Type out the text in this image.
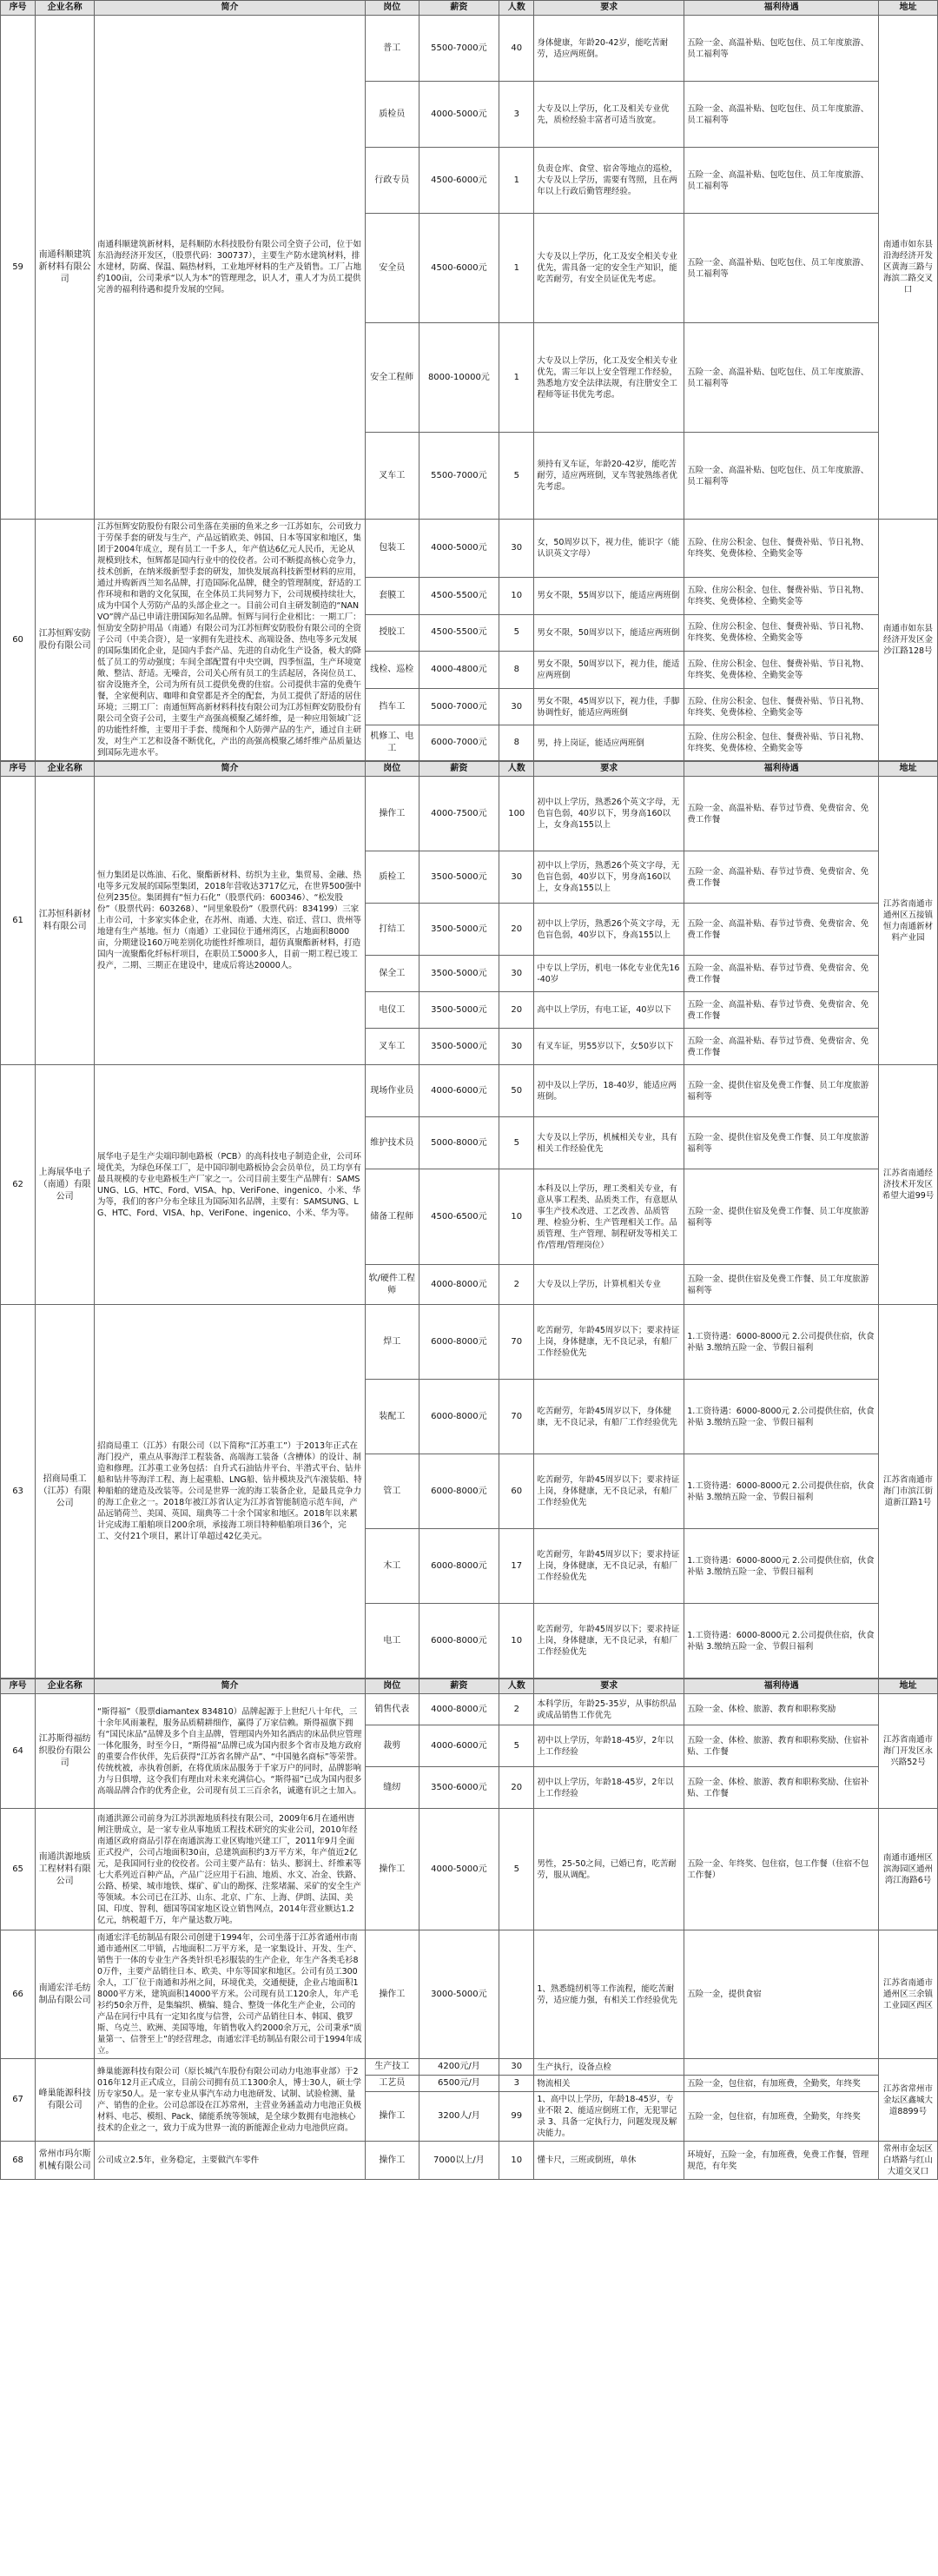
序号	企业名称	简介	岗位	薪资	人数	要求	福利待遇	地址
59	南通科顺建筑新材料有限公司	南通科顺建筑新材料，是科顺防水科技股份有限公司全资子公司，位于如东沿海经济开发区，（股票代码：300737），主要生产防水建筑材料，排水建材，防腐、保温、隔热材料，工业地坪材料的生产及销售。工厂占地约100亩，公司秉承“以人为本”的管理理念，识人才，重人才为员工提供完善的福利待遇和提升发展的空间。	普工	5500-7000元	40	身体健康，年龄20-42岁，能吃苦耐劳，适应两班倒。	五险一金、高温补贴、包吃包住、员工年度旅游、员工福利等	南通市如东县沿海经济开发区黄海三路与海滨二路交叉口
			质检员	4000-5000元	3	大专及以上学历，化工及相关专业优先，质检经验丰富者可适当放宽。	五险一金、高温补贴、包吃包住、员工年度旅游、员工福利等	
			行政专员	4500-6000元	1	负责仓库、食堂、宿舍等地点的巡检，大专及以上学历，需要有驾照，且在两年以上行政后勤管理经验。	五险一金、高温补贴、包吃包住、员工年度旅游、员工福利等	
			安全员	4500-6000元	1	大专及以上学历，化工及安全相关专业优先，需具备一定的安全生产知识，能吃苦耐劳，有安全员证优先考虑。	五险一金、高温补贴、包吃包住、员工年度旅游、员工福利等	
			安全工程师	8000-10000元	1	大专及以上学历，化工及安全相关专业优先，需三年以上安全管理工作经验，熟悉地方安全法律法规，有注册安全工程师等证书优先考虑。	五险一金、高温补贴、包吃包住、员工年度旅游、员工福利等	
			叉车工	5500-7000元	5	须持有叉车证，年龄20-42岁，能吃苦耐劳，适应两班倒，叉车驾驶熟练者优先考虑。	五险一金、高温补贴、包吃包住、员工年度旅游、员工福利等	
60	江苏恒辉安防股份有限公司	江苏恒辉安防股份有限公司坐落在美丽的鱼米之乡一江苏如东，公司致力于劳保手套的研发与生产，产品远销欧美、韩国、日本等国家和地区，集团于2004年成立，现有员工一千多人，年产值达6亿元人民币，无论从规模到技术，恒辉都是国内行业中的佼佼者。公司不断提高核心竞争力，技术创新，在纳米级新型手套的研发，加快发展高科技新型材料的应用，通过并购新西兰知名品牌，打造国际化品牌，健全的管理制度，舒适的工作环境和和谐的文化氛围，在全体员工共同努力下，公司规模持续壮大，成为中国个人劳防产品的头部企业之一。目前公司自主研发制造的“NANVO”牌产品已申请注册国际知名品牌。恒辉与同行企业相比：一期工厂：恒劢安全防护用品（南通）有限公司为江苏恒辉安防股份有限公司的全资子公司（中美合资），是一家拥有先进技术、高端设备、热电等多元发展的国际集团化企业，是国内手套产品、先进的自动化生产设备，极大的降低了员工的劳动强度；车间全部配置有中央空调，四季恒温，生产环境宽敞、整洁、舒适。无噪音，公司关心所有员工的生活起居，各岗位员工、宿舍设施齐全，公司为所有员工提供免费的住宿。公司提供丰富的免费午餐，全家便利店、咖啡和食堂都是齐全的配套，为员工提供了舒适的居住环境；三期工厂：南通恒辉高新材料科技有限公司为江苏恒辉安防股份有限公司全资子公司，主要生产高强高模聚乙烯纤维，是一种应用领域广泛的功能性纤维，主要用于手套、缆绳和个人防弹产品的生产，通过自主研发，对生产工艺和设备不断优化，产出的高强高模聚乙烯纤维产品质量达到国际先进水平。	包装工	4000-5000元	30	女，50周岁以下，视力佳，能识字（能认识英文字母）	五险、住房公积金、包住、餐费补贴、节日礼物、年终奖、免费体检、全勤奖金等	南通市如东县经济开发区金沙江路128号
			套膜工	4500-5500元	10	男女不限，55周岁以下，能适应两班倒	五险、住房公积金、包住、餐费补贴、节日礼物、年终奖、免费体检、全勤奖金等	
			授胶工	4500-5500元	5	男女不限，50周岁以下，能适应两班倒	五险、住房公积金、包住、餐费补贴、节日礼物、年终奖、免费体检、全勤奖金等	
			线检、巡检	4000-4800元	8	男女不限，50周岁以下，视力佳，能适应两班倒	五险、住房公积金、包住、餐费补贴、节日礼物、年终奖、免费体检、全勤奖金等	
			挡车工	5000-7000元	30	男女不限，45周岁以下，视力佳，手脚协调性好，能适应两班倒	五险、住房公积金、包住、餐费补贴、节日礼物、年终奖、免费体检、全勤奖金等	
			机修工、电工	6000-7000元	8	男，持上岗证，能适应两班倒	五险、住房公积金、包住、餐费补贴、节日礼物、年终奖、免费体检、全勤奖金等	
序号	企业名称	简介	岗位	薪资	人数	要求	福利待遇	地址
61	江苏恒科新材料有限公司	恒力集团是以炼油、石化、聚酯新材料、纺织为主业，集贸易、金融、热电等多元发展的国际型集团，2018年营收达3717亿元，在世界500强中位列235位。集团拥有“恒力石化”（股票代码：600346）、“松发股份”（股票代码：603268）、“同里象股份”（股票代码：834199）三家上市公司，十多家实体企业，在苏州、南通、大连、宿迁、营口、贵州等地建有生产基地。恒力（南通）工业园位于通州湾区，占地面积8000亩，分期建设160万吨差别化功能性纤维项目，超仿真聚酯新材料，打造国内一流聚酯化纤标杆项目，在职员工5000多人，目前一期工程已竣工投产，二期、三期正在建设中，建成后将达20000人。	操作工	4000-7500元	100	初中以上学历，熟悉26个英文字母，无色盲色弱，40岁以下，男身高160以上，女身高155以上	五险一金、高温补贴、春节过节费、免费宿舍、免费工作餐	江苏省南通市通州区五接镇恒力南通新材料产业园
			质检工	3500-5000元	30	初中以上学历，熟悉26个英文字母，无色盲色弱，40岁以下，男身高160以上，女身高155以上	五险一金、高温补贴、春节过节费、免费宿舍、免费工作餐	
			打结工	3500-5000元	20	初中以上学历，熟悉26个英文字母，无色盲色弱，40岁以下，身高155以上	五险一金、高温补贴、春节过节费、免费宿舍、免费工作餐	
			保全工	3500-5000元	30	中专以上学历，机电一体化专业优先16-40岁	五险一金、高温补贴、春节过节费、免费宿舍、免费工作餐	
			电仪工	3500-5000元	20	高中以上学历，有电工证，40岁以下	五险一金、高温补贴、春节过节费、免费宿舍、免费工作餐	
			叉车工	3500-5000元	30	有叉车证，男55岁以下，女50岁以下	五险一金、高温补贴、春节过节费、免费宿舍、免费工作餐	
62	上海展华电子（南通）有限公司	展华电子是生产尖端印制电路板（PCB）的高科技电子制造企业，公司环境优美，为绿色环保工厂，是中国印制电路板协会会员单位，员工均享有最具规模的专业电路板生产厂家之一。公司目前主要生产品牌有：SAMSUNG、LG、HTC、Ford、VISA、hp、VeriFone、ingenico、小米、华为等，我们的客户分布全球且为国际知名品牌，主要有：SAMSUNG、LG、HTC、Ford、VISA、hp、VeriFone、ingenico、小米、华为等。	现场作业员	4000-6000元	50	初中及以上学历，18-40岁，能适应两班倒。	五险一金、提供住宿及免费工作餐、员工年度旅游福利等	江苏省南通经济技术开发区希望大道99号
			维护技术员	5000-8000元	5	大专及以上学历，机械相关专业，具有相关工作经验优先	五险一金、提供住宿及免费工作餐、员工年度旅游福利等	
			储备工程师	4500-6500元	10	本科及以上学历，理工类相关专业，有意从事工程类、品质类工作，有意愿从事生产技术改进、工艺改善、品质管理、检验分析、生产管理相关工作。品质管理、生产管理、制程研发等相关工作/管理/管理岗位）	五险一金、提供住宿及免费工作餐、员工年度旅游福利等	
			软/硬件工程师	4000-8000元	2	大专及以上学历，计算机相关专业	五险一金、提供住宿及免费工作餐、员工年度旅游福利等	
63	招商局重工（江苏）有限公司	招商局重工（江苏）有限公司（以下简称“江苏重工”）于2013年正式在海门投产，重点从事海洋工程装备、高端海工装备（含槽体）的设计、制造和修理。江苏重工业务包括：自升式石油钻井平台、半潜式平台、钻井船和钻井等海洋工程、海上起重船、LNG船、钻井模块及汽车滚装船、特种船舶的建造及改装等。公司是世界一流的海工装备企业，是最具竞争力的海工企业之一。2018年被江苏省认定为江苏省智能制造示范车间，产品远销荷兰、美国、英国、瑞典等二十余个国家和地区。2018年以来累计完成海工船舶项目200余项，承接海工项目特种船舶项目36个，完工、交付21个项目，累计订单超过42亿美元。	焊工	6000-8000元	70	吃苦耐劳，年龄45周岁以下；要求持证上岗，身体健康，无不良记录，有船厂工作经验优先	1.工资待遇：6000-8000元 2.公司提供住宿，伙食补贴 3.缴纳五险一金、节假日福利	江苏省南通市海门市滨江街道新江路1号
			装配工	6000-8000元	70	吃苦耐劳，年龄45周岁以下，身体健康，无不良记录，有船厂工作经验优先	1.工资待遇：6000-8000元 2.公司提供住宿，伙食补贴 3.缴纳五险一金、节假日福利	
			管工	6000-8000元	60	吃苦耐劳，年龄45周岁以下；要求持证上岗，身体健康，无不良记录，有船厂工作经验优先	1.工资待遇：6000-8000元 2.公司提供住宿，伙食补贴 3.缴纳五险一金、节假日福利	
			木工	6000-8000元	17	吃苦耐劳，年龄45周岁以下；要求持证上岗，身体健康，无不良记录，有船厂工作经验优先	1.工资待遇：6000-8000元 2.公司提供住宿，伙食补贴 3.缴纳五险一金、节假日福利	
			电工	6000-8000元	10	吃苦耐劳，年龄45周岁以下；要求持证上岗，身体健康，无不良记录，有船厂工作经验优先	1.工资待遇：6000-8000元 2.公司提供住宿，伙食补贴 3.缴纳五险一金、节假日福利	
序号	企业名称	简介	岗位	薪资	人数	要求	福利待遇	地址
64	江苏斯得福纺织股份有限公司	“斯得福”（股票diamantex 834810）品牌起源于上世纪八十年代，三十余年风雨兼程，服务品质精耕细作，赢得了万家信赖。斯得福旗下拥有“国民床品”品牌及多个自主品牌，管理国内外知名酒店的床品供应管理一体化服务，时至今日，“斯得福”品牌已成为国内很多个省市及地方政府的重要合作伙伴，先后获得“江苏省名牌产品”、“中国驰名商标”等荣誉。传统枕被，赤执着创新，在将优质床品服务于千家万户的同时，品牌影响力与日俱增，这令我们有理由对未来充满信心。“斯得福”已成为国内很多高端品牌合作的优秀企业，公司现有员工三百余名，诚邀有识之士加入。	销售代表	4000-8000元	2	本科学历，年龄25-35岁，从事纺织品或成品销售工作优先	五险一金、体检、旅游、教育和职称奖励	江苏省南通市海门开发区永兴路52号
			裁剪	4000-6000元	5	初中以上学历，年龄18-45岁，2年以上工作经验	五险一金、体检、旅游、教育和职称奖励、住宿补贴、工作餐	
			缝纫	3500-6000元	20	初中以上学历，年龄18-45岁，2年以上工作经验	五险一金、体检、旅游、教育和职称奖励、住宿补贴、工作餐	
65	南通洪源地质工程材料有限公司	南通洪源公司前身为江苏洪源地质科技有限公司，2009年6月在通州唐闸注册成立，是一家专业从事地质工程技术研究的实业公司，2010年经南通区政府商品引荐在南通滨海工业区购地兴建工厂，2011年9月全面正式投产，公司占地面积30亩，总建筑面积约3万平方米，年产值近2亿元，是我国同行业的佼佼者。公司主要产品有：钻头、膨润土、纤维素等七大系列近百种产品，产品广泛应用于石油、地质、水文、冶金、铁路、公路、桥梁、城市地铁、煤矿、矿山的勘探、注浆堵漏、采矿的安全生产等领域。本公司已在江苏、山东、北京、广东、上海、伊朗、法国、美国、印度、智利、德国等国家地区设立销售网点，2014年营业额达1.2亿元，纳税超千万，年产量达数万吨。	操作工	4000-5000元	5	男性，25-50之间，已婚已育，吃苦耐劳，服从调配。	五险一金、年终奖、包住宿，包工作餐（住宿不包工作餐）	南通市通州区滨海园区通州湾江海路6号
66	南通宏洋毛纺制品有限公司	南通宏洋毛纺制品有限公司创建于1994年，公司坐落于江苏省通州市南通市通州区二甲镇，占地面积二万平方米，是一家集设计、开发、生产、销售于一体的专业生产各类针织毛衫服装的生产企业，年生产各类毛衫80万件，主要产品销往日本、欧美、中东等国家和地区。公司有员工300余人，工厂位于南通和苏州之间，环境优美，交通便捷，企业占地面积18000平方米，建筑面积14000平方米。公司现有员工120余人，年产毛衫约50余万件，是集编织、横编、缝合、整烫一体化生产企业，公司的产品在同行中具有一定知名度与信誉，公司产品销往日本、韩国、俄罗斯、乌克兰、欧洲、美国等地，年销售收入约2000余万元，公司秉承“质量第一、信誉至上”的经营理念，南通宏洋毛纺制品有限公司于1994年成立。	操作工	3000-5000元		1、熟悉缝纫机等工作流程，能吃苦耐劳，适应能力强，有相关工作经验优先	五险一金，提供食宿	江苏省南通市通州区三余镇工业园区西区
67	峰巢能源科技有限公司	蜂巢能源科技有限公司（原长城汽车股份有限公司动力电池事业部）于2016年12月正式成立，目前公司拥有员工1300余人，博士30人，硕士学历专家50人。是一家专业从事汽车动力电池研发、试制、试验检测、量产、销售的企业。公司总部设在江苏常州，主营业务涵盖动力电池正负极材料、电芯、模组、Pack、储能系统等领域，是全球少数拥有电池核心技术的企业之一，致力于成为世界一流的新能源企业动力电池供应商。	生产技工	4200元/月	30	生产执行，设备点检		江苏省常州市金坛区鑫城大道8899号
			工艺员	6500元/月	3	物流相关	五险一金，包住宿，有加班费，全勤奖，年终奖	
			操作工	3200人/月	99	1、高中以上学历，年龄18-45岁，专业不限 2、能适应倒班工作，无犯罪记录 3、具备一定执行力，问题发现及解决能力。	五险一金，包住宿，有加班费，全勤奖，年终奖	
68	常州市玛尔斯机械有限公司	公司成立2.5年，业务稳定，主要做汽车零件	操作工	7000以上/月	10	懂卡尺，三班或倒班，单休	环境好，五险一金，有加班费，免费工作餐，管理规范，有年奖	常州市金坛区白塔路与红山大道交叉口
